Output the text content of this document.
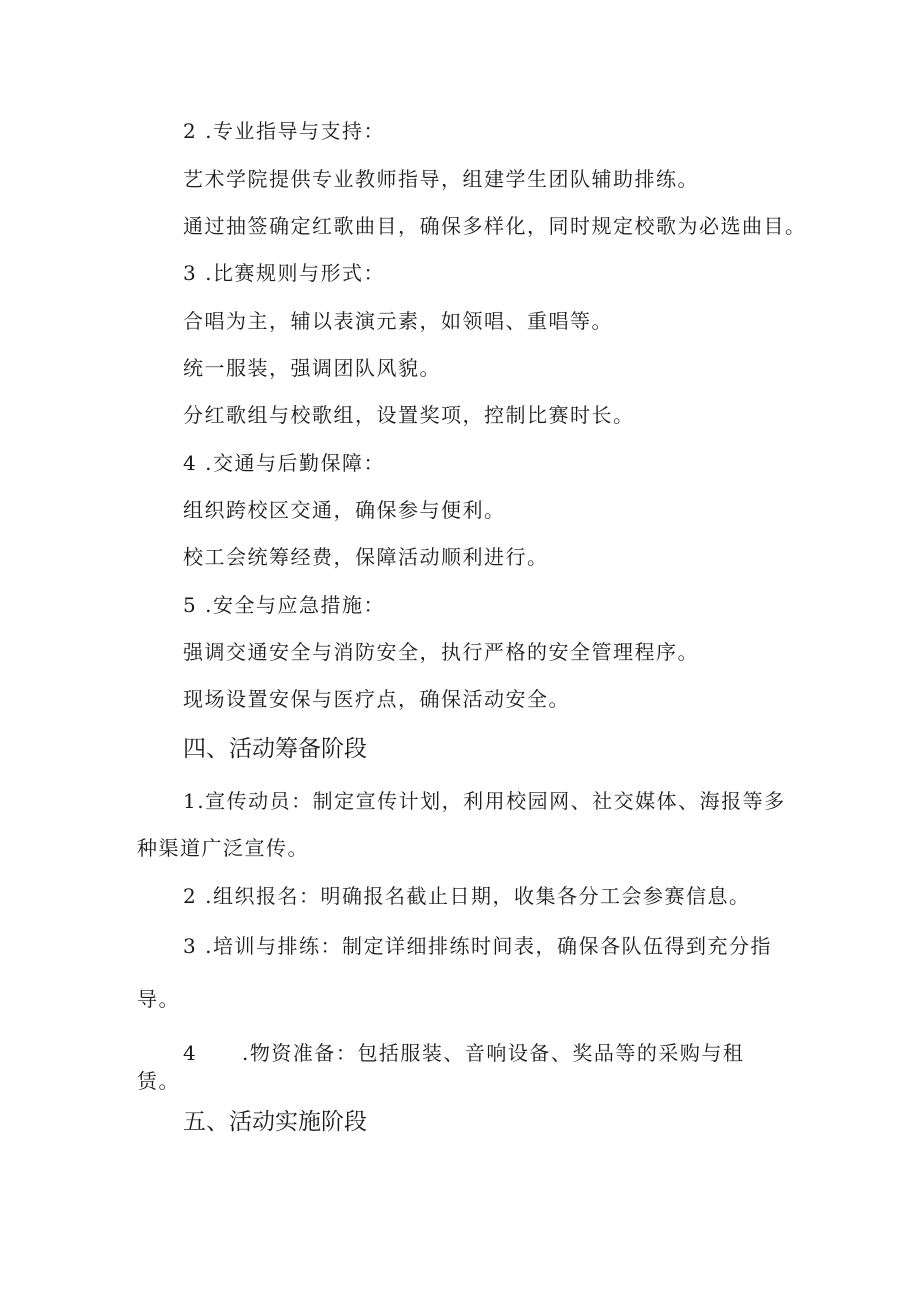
2 .专业指导与支持：
艺术学院提供专业教师指导，组建学生团队辅助排练。
通过抽签确定红歌曲目，确保多样化，同时规定校歌为必选曲目。
3 .比赛规则与形式：
合唱为主，辅以表演元素，如领唱、重唱等。
统一服装，强调团队风貌。
分红歌组与校歌组，设置奖项，控制比赛时长。
4 .交通与后勤保障：
组织跨校区交通，确保参与便利。
校工会统筹经费，保障活动顺利进行。
5 .安全与应急措施：
强调交通安全与消防安全，执行严格的安全管理程序。
现场设置安保与医疗点，确保活动安全。
四、活动筹备阶段
1.宣传动员：制定宣传计划，利用校园网、社交媒体、海报等多
种渠道广泛宣传。
2 .组织报名：明确报名截止日期，收集各分工会参赛信息。
3 .培训与排练：制定详细排练时间表，确保各队伍得到充分指
导。
4 .物资准备：包括服装、音响设备、奖品等的采购与租
赁。
五、活动实施阶段
